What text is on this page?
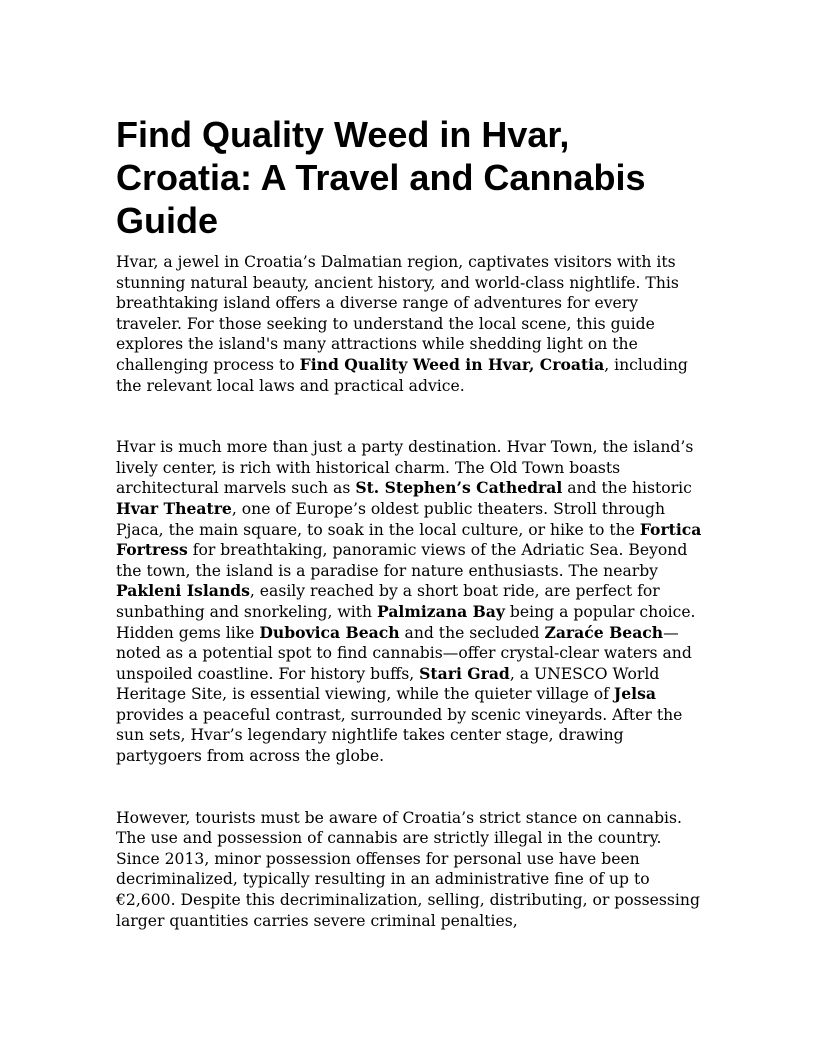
Find Quality Weed in Hvar, Croatia: A Travel and Cannabis Guide

Hvar, a jewel in Croatia’s Dalmatian region, captivates visitors with its stunning natural beauty, ancient history, and world-class nightlife. This breathtaking island offers a diverse range of adventures for every traveler. For those seeking to understand the local scene, this guide explores the island's many attractions while shedding light on the challenging process to Find Quality Weed in Hvar, Croatia, including the relevant local laws and practical advice.

Hvar is much more than just a party destination. Hvar Town, the island’s lively center, is rich with historical charm. The Old Town boasts architectural marvels such as St. Stephen’s Cathedral and the historic Hvar Theatre, one of Europe’s oldest public theaters. Stroll through Pjaca, the main square, to soak in the local culture, or hike to the Fortica Fortress for breathtaking, panoramic views of the Adriatic Sea. Beyond the town, the island is a paradise for nature enthusiasts. The nearby Pakleni Islands, easily reached by a short boat ride, are perfect for sunbathing and snorkeling, with Palmizana Bay being a popular choice. Hidden gems like Dubovica Beach and the secluded Zaraće Beach—noted as a potential spot to find cannabis—offer crystal-clear waters and unspoiled coastline. For history buffs, Stari Grad, a UNESCO World Heritage Site, is essential viewing, while the quieter village of Jelsa provides a peaceful contrast, surrounded by scenic vineyards. After the sun sets, Hvar’s legendary nightlife takes center stage, drawing partygoers from across the globe.

However, tourists must be aware of Croatia’s strict stance on cannabis. The use and possession of cannabis are strictly illegal in the country. Since 2013, minor possession offenses for personal use have been decriminalized, typically resulting in an administrative fine of up to €2,600. Despite this decriminalization, selling, distributing, or possessing larger quantities carries severe criminal penalties,
